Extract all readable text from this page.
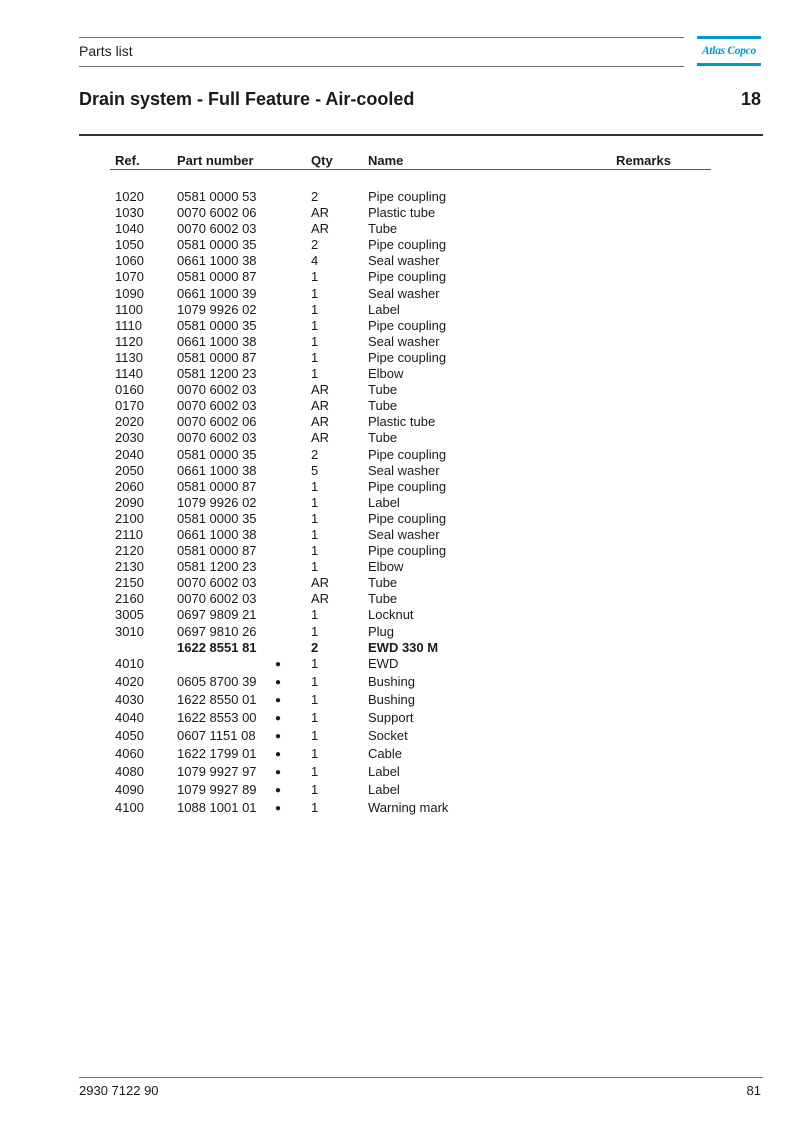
Parts list	Atlas Copco
Drain system - Full Feature - Air-cooled	18
Ref.	Part number		Qty	Name	Remarks

1020	0581 0000 53		2	Pipe coupling	
1030	0070 6002 06		AR	Plastic tube	
1040	0070 6002 03		AR	Tube	
1050	0581 0000 35		2	Pipe coupling	
1060	0661 1000 38		4	Seal washer	
1070	0581 0000 87		1	Pipe coupling	
1090	0661 1000 39		1	Seal washer	
1100	1079 9926 02		1	Label	
1110	0581 0000 35		1	Pipe coupling	
1120	0661 1000 38		1	Seal washer	
1130	0581 0000 87		1	Pipe coupling	
1140	0581 1200 23		1	Elbow	
0160	0070 6002 03		AR	Tube	
0170	0070 6002 03		AR	Tube	
2020	0070 6002 06		AR	Plastic tube	
2030	0070 6002 03		AR	Tube	
2040	0581 0000 35		2	Pipe coupling	
2050	0661 1000 38		5	Seal washer	
2060	0581 0000 87		1	Pipe coupling	
2090	1079 9926 02		1	Label	
2100	0581 0000 35		1	Pipe coupling	
2110	0661 1000 38		1	Seal washer	
2120	0581 0000 87		1	Pipe coupling	
2130	0581 1200 23		1	Elbow	
2150	0070 6002 03		AR	Tube	
2160	0070 6002 03		AR	Tube	
3005	0697 9809 21		1	Locknut	
3010	0697 9810 26		1	Plug	
	1622 8551 81		2	EWD 330 M	
4010		●	1	EWD	
4020	0605 8700 39	●	1	Bushing	
4030	1622 8550 01	●	1	Bushing	
4040	1622 8553 00	●	1	Support	
4050	0607 1151 08	●	1	Socket	
4060	1622 1799 01	●	1	Cable	
4080	1079 9927 97	●	1	Label	
4090	1079 9927 89	●	1	Label	
4100	1088 1001 01	●	1	Warning mark	
2930 7122 90	81
